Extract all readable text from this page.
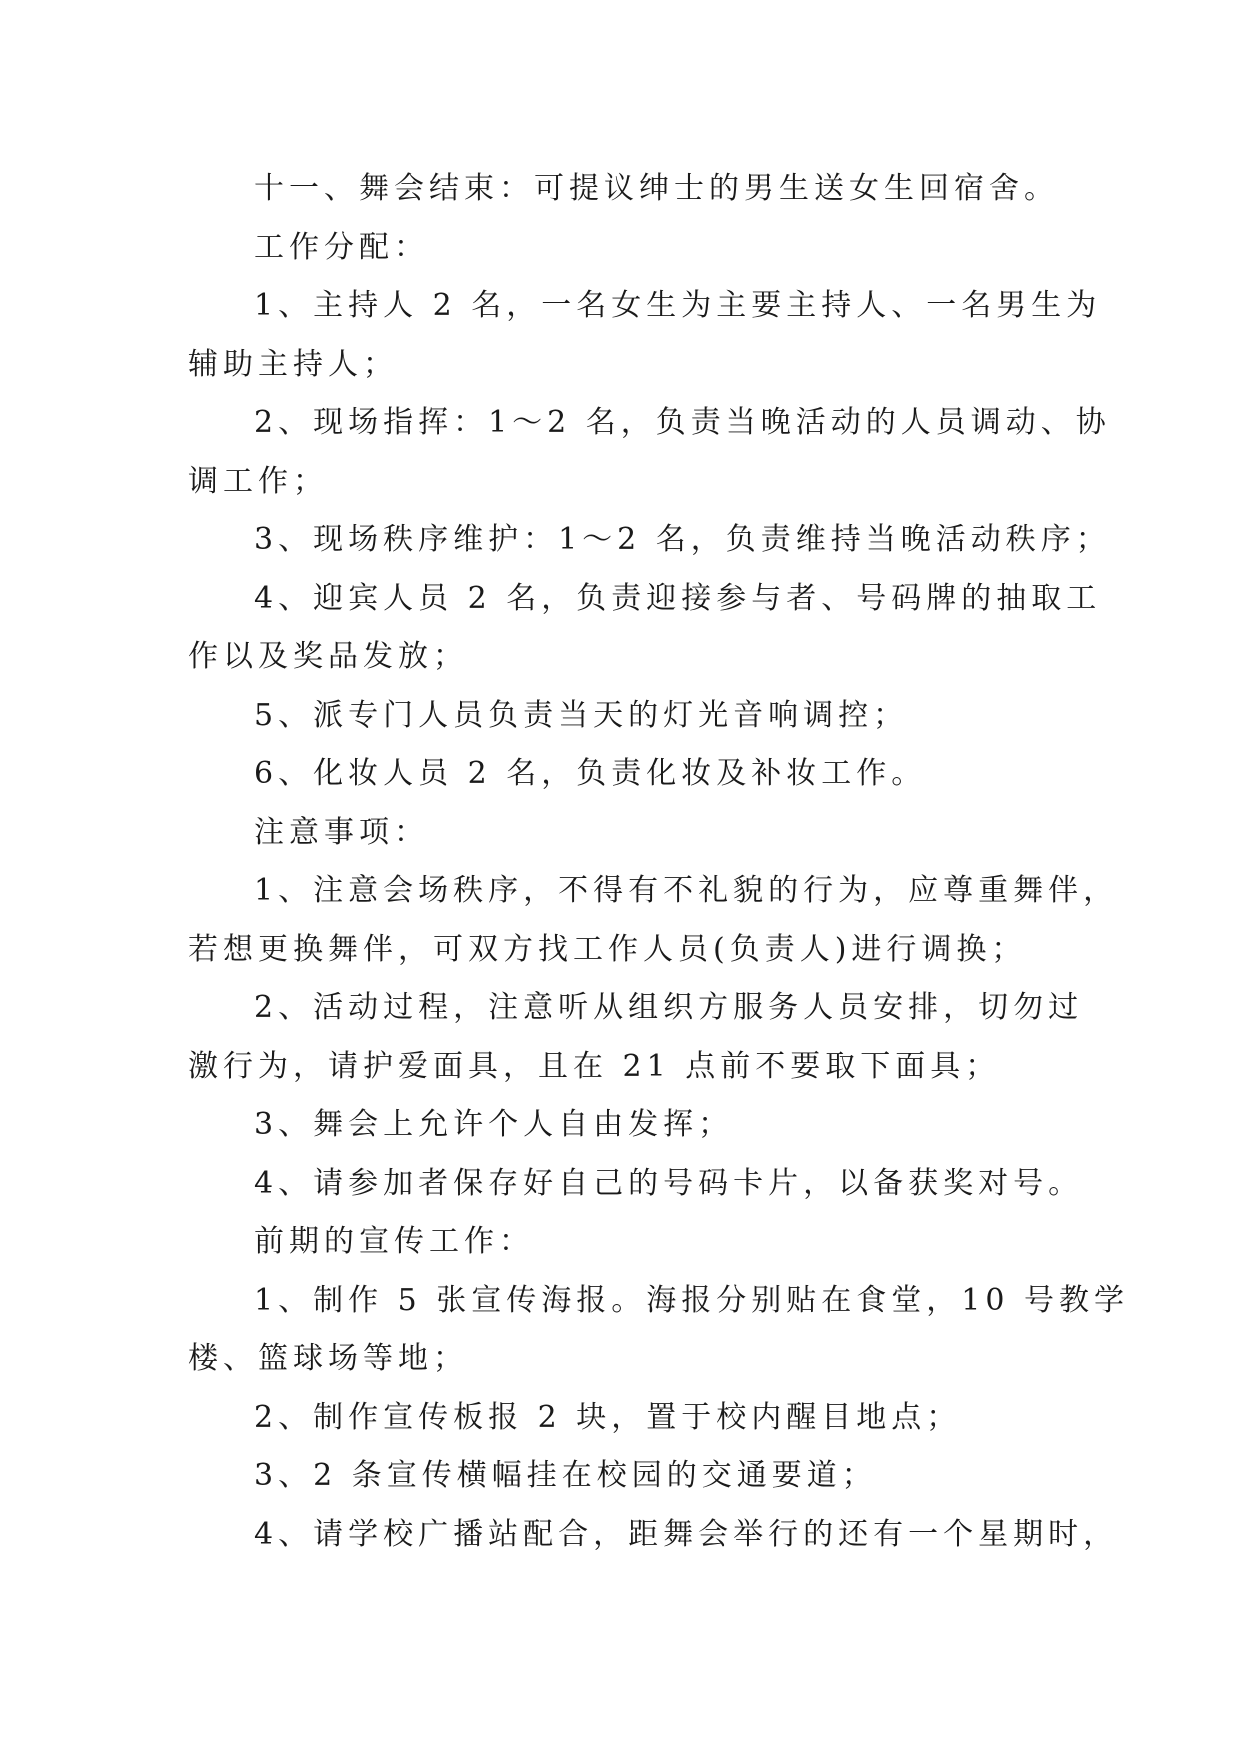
十一、舞会结束：可提议绅士的男生送女生回宿舍。

工作分配：

1、主持人 2 名，一名女生为主要主持人、一名男生为
辅助主持人；

2、现场指挥：1～2 名，负责当晚活动的人员调动、协
调工作；

3、现场秩序维护：1～2 名，负责维持当晚活动秩序；

4、迎宾人员 2 名，负责迎接参与者、号码牌的抽取工
作以及奖品发放；

5、派专门人员负责当天的灯光音响调控；

6、化妆人员 2 名，负责化妆及补妆工作。

注意事项：

1、注意会场秩序，不得有不礼貌的行为，应尊重舞伴，
若想更换舞伴，可双方找工作人员(负责人)进行调换；

2、活动过程，注意听从组织方服务人员安排，切勿过
激行为，请护爱面具，且在 21 点前不要取下面具；

3、舞会上允许个人自由发挥；

4、请参加者保存好自己的号码卡片，以备获奖对号。

前期的宣传工作：

1、制作 5 张宣传海报。海报分别贴在食堂，10 号教学
楼、篮球场等地；

2、制作宣传板报 2 块，置于校内醒目地点；

3、2 条宣传横幅挂在校园的交通要道；

4、请学校广播站配合，距舞会举行的还有一个星期时，
